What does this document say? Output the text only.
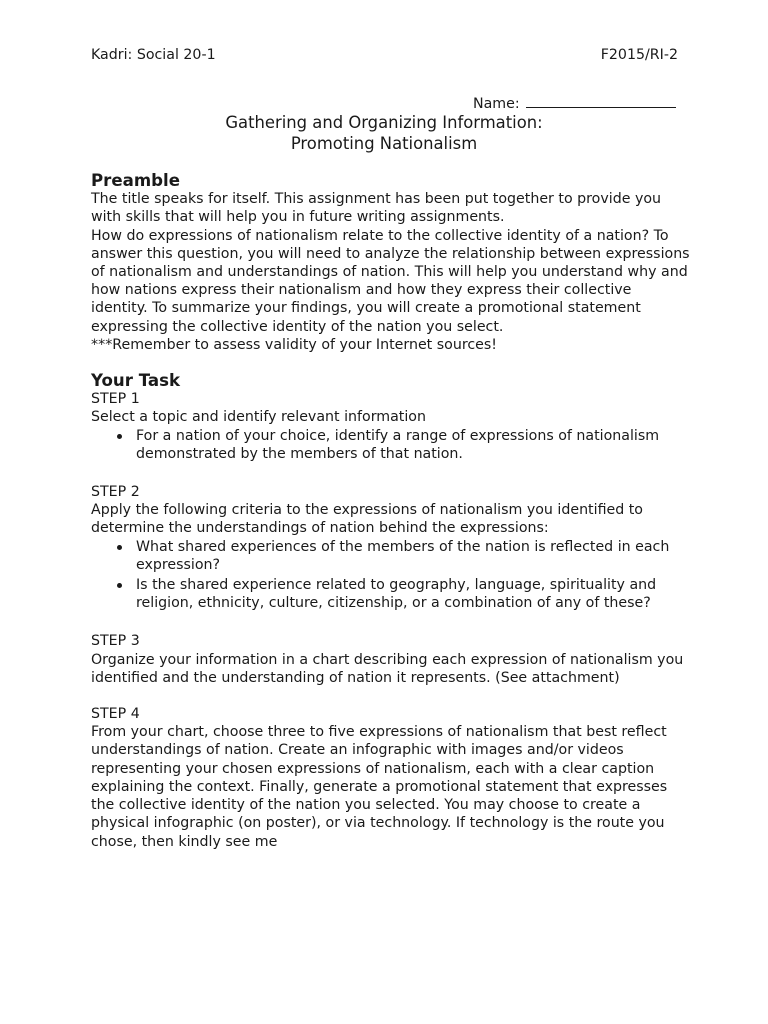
Kadri: Social 20-1	F2015/RI-2
Name:
Gathering and Organizing Information:
Promoting Nationalism
Preamble

The title speaks for itself. This assignment has been put together to provide you with skills that will help you in future writing assignments.

How do expressions of nationalism relate to the collective identity of a nation? To answer this question, you will need to analyze the relationship between expressions of nationalism and understandings of nation. This will help you understand why and how nations express their nationalism and how they express their collective identity. To summarize your findings, you will create a promotional statement expressing the collective identity of the nation you select.

***Remember to assess validity of your Internet sources!

Your Task

STEP 1

Select a topic and identify relevant information

For a nation of your choice, identify a range of expressions of nationalism demonstrated by the members of that nation.

STEP 2

Apply the following criteria to the expressions of nationalism you identified to determine the understandings of nation behind the expressions:

What shared experiences of the members of the nation is reflected in each expression?
Is the shared experience related to geography, language, spirituality and religion, ethnicity, culture, citizenship, or a combination of any of these?

STEP 3

Organize your information in a chart describing each expression of nationalism you identified and the understanding of nation it represents. (See attachment)

STEP 4

From your chart, choose three to five expressions of nationalism that best reflect understandings of nation. Create an infographic with images and/or videos representing your chosen expressions of nationalism, each with a clear caption explaining the context. Finally, generate a promotional statement that expresses the collective identity of the nation you selected. You may choose to create a physical infographic (on poster), or via technology. If technology is the route you chose, then kindly see me
